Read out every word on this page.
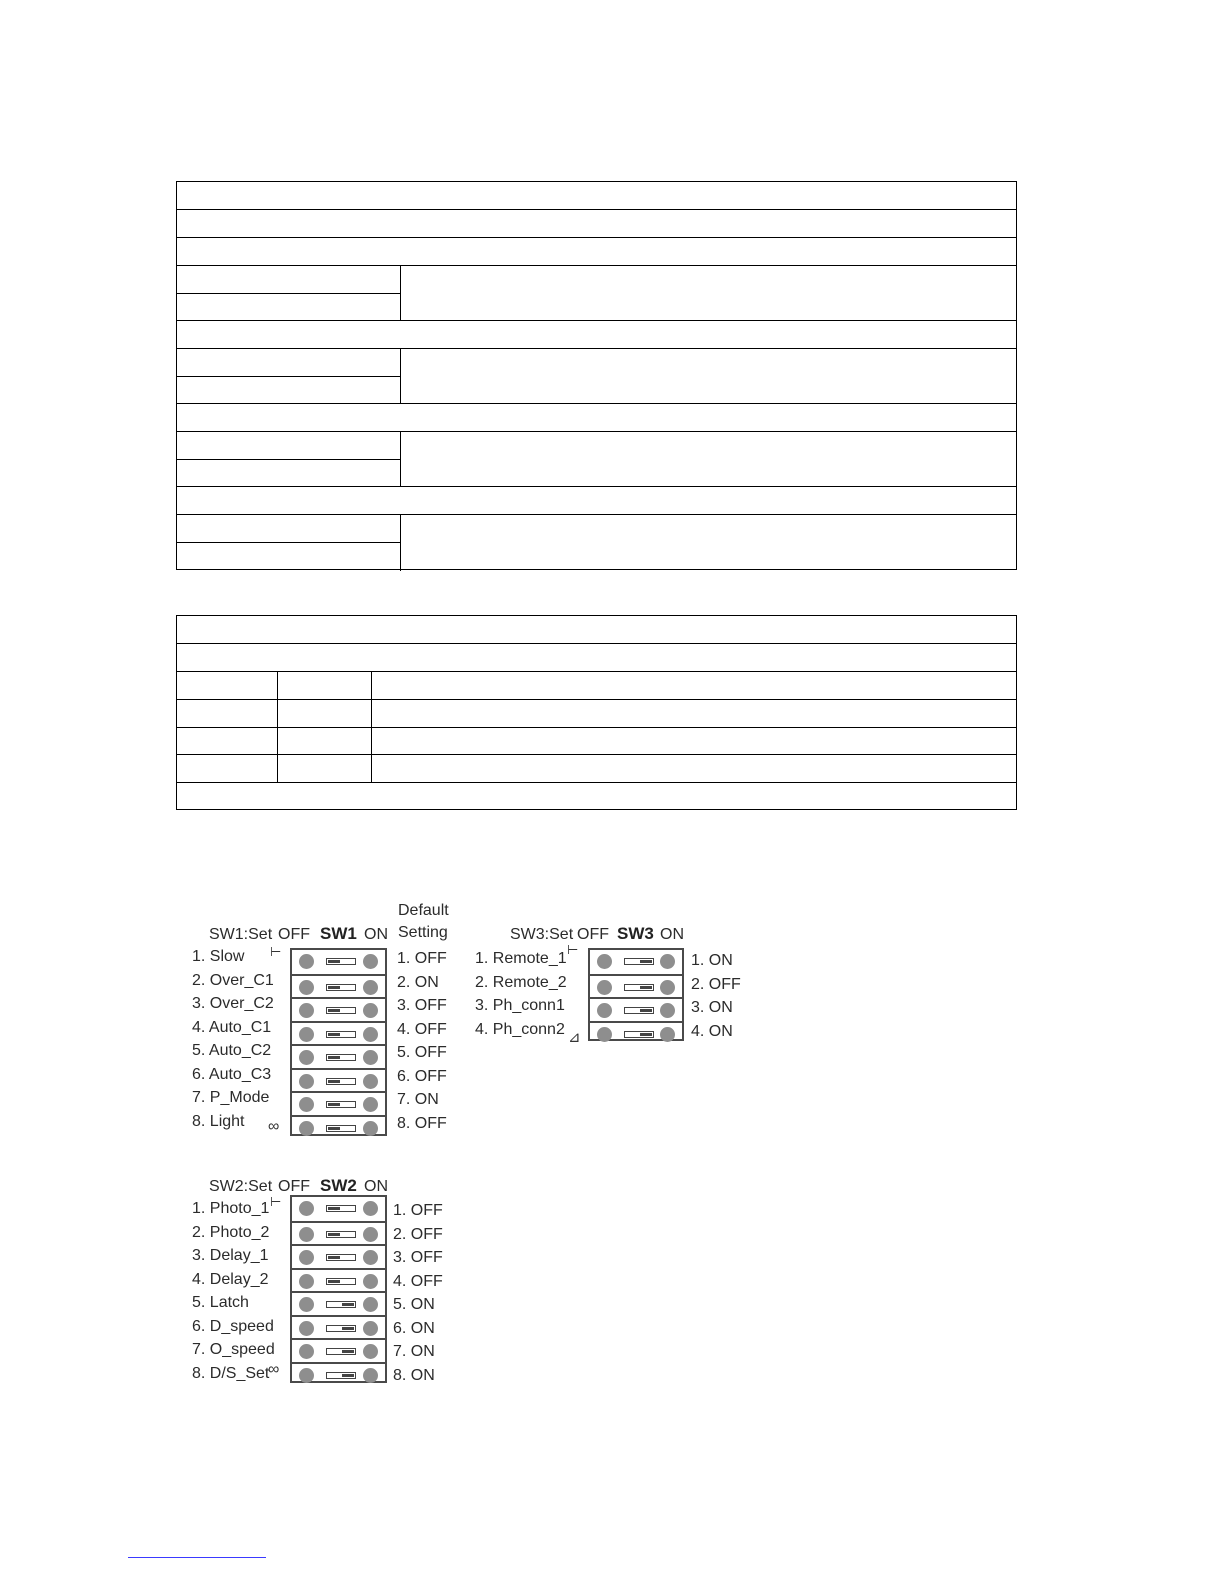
Default
Setting
SW1:Set OFF SW1 ON
⊢
∞
1. Slow	1. OFF
2. Over_C1	2. ON
3. Over_C2	3. OFF
4. Auto_C1	4. OFF
5. Auto_C2	5. OFF
6. Auto_C3	6. OFF
7. P_Mode	7. ON
8. Light	8. OFF
SW3:Set OFF SW3 ON
⊢
⊿
1. Remote_1	1. ON
2. Remote_2	2. OFF
3. Ph_conn1	3. ON
4. Ph_conn2	4. ON
SW2:Set OFF SW2 ON
⊢
∞
1. Photo_1	1. OFF
2. Photo_2	2. OFF
3. Delay_1	3. OFF
4. Delay_2	4. OFF
5. Latch	5. ON
6. D_speed	6. ON
7. O_speed	7. ON
8. D/S_Set	8. ON
